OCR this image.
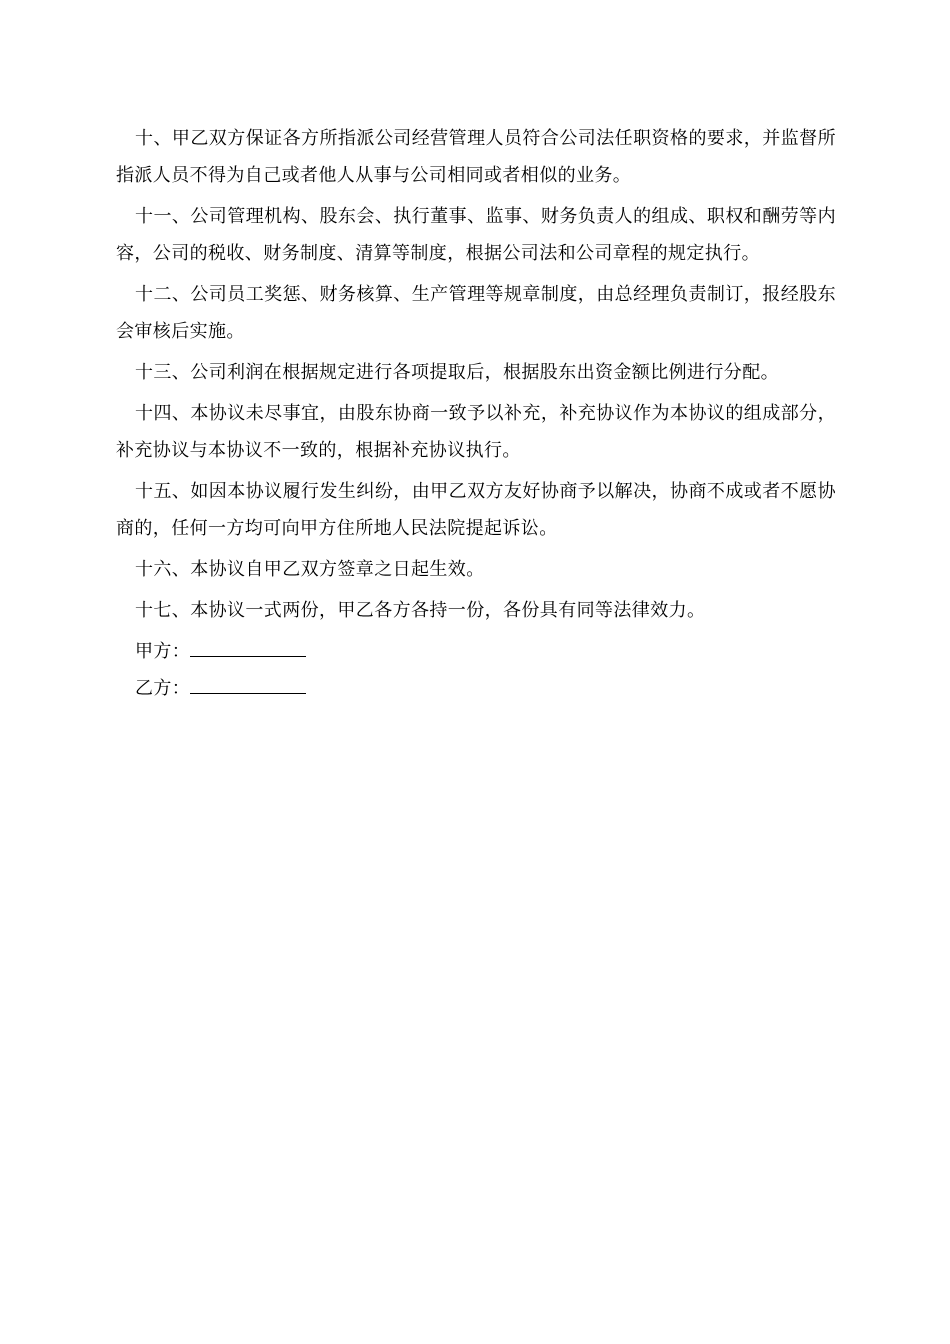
十、甲乙双方保证各方所指派公司经营管理人员符合公司法任职资格的要求，并监督所指派人员不得为自己或者他人从事与公司相同或者相似的业务。

十一、公司管理机构、股东会、执行董事、监事、财务负责人的组成、职权和酬劳等内容，公司的税收、财务制度、清算等制度，根据公司法和公司章程的规定执行。

十二、公司员工奖惩、财务核算、生产管理等规章制度，由总经理负责制订，报经股东会审核后实施。

十三、公司利润在根据规定进行各项提取后，根据股东出资金额比例进行分配。

十四、本协议未尽事宜，由股东协商一致予以补充，补充协议作为本协议的组成部分，补充协议与本协议不一致的，根据补充协议执行。

十五、如因本协议履行发生纠纷，由甲乙双方友好协商予以解决，协商不成或者不愿协商的，任何一方均可向甲方住所地人民法院提起诉讼。

十六、本协议自甲乙双方签章之日起生效。

十七、本协议一式两份，甲乙各方各持一份，各份具有同等法律效力。

甲方：
乙方：
